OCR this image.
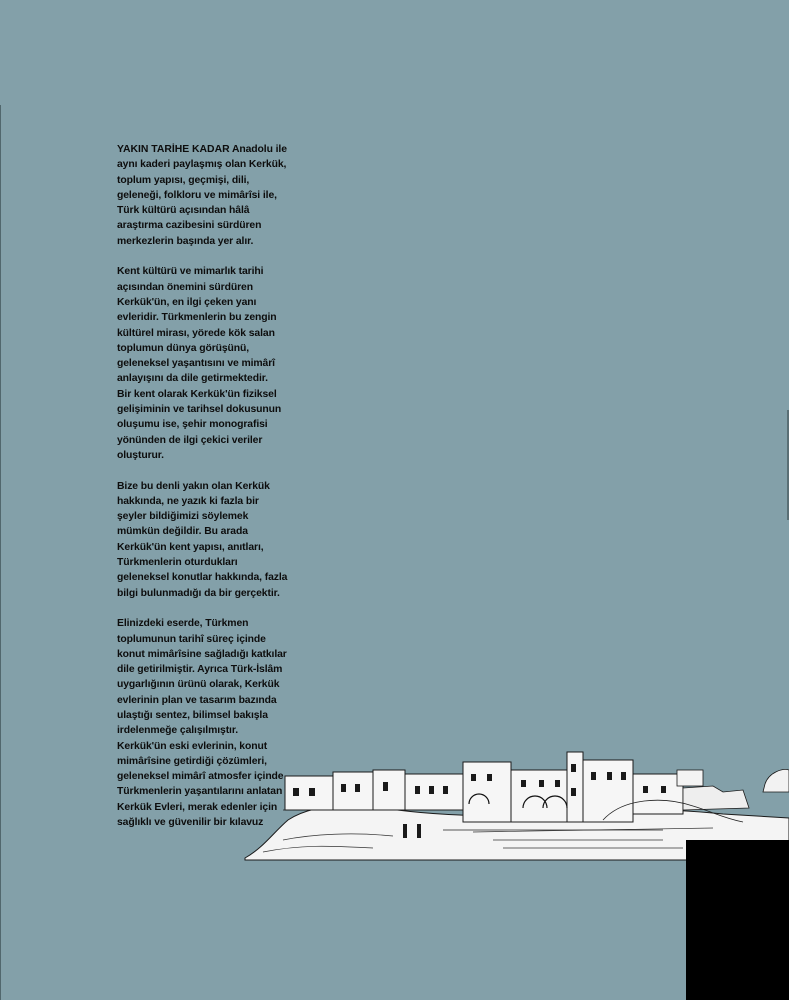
YAKIN TARİHE KADAR Anadolu ile
aynı kaderi paylaşmış olan Kerkük,
toplum yapısı, geçmişi, dili,
geleneği, folkloru ve mimârîsi ile,
Türk kültürü açısından hâlâ
araştırma cazibesini sürdüren
merkezlerin başında yer alır.

Kent kültürü ve mimarlık tarihi
açısından önemini sürdüren
Kerkük'ün, en ilgi çeken yanı
evleridir. Türkmenlerin bu zengin
kültürel mirası, yörede kök salan
toplumun dünya görüşünü,
geleneksel yaşantısını ve mimârî
anlayışını da dile getirmektedir.
Bir kent olarak Kerkük'ün fiziksel
gelişiminin ve tarihsel dokusunun
oluşumu ise, şehir monografisi
yönünden de ilgi çekici veriler
oluşturur.

Bize bu denli yakın olan Kerkük
hakkında, ne yazık ki fazla bir
şeyler bildiğimizi söylemek
mümkün değildir. Bu arada
Kerkük'ün kent yapısı, anıtları,
Türkmenlerin oturdukları
geleneksel konutlar hakkında, fazla
bilgi bulunmadığı da bir gerçektir.

Elinizdeki eserde, Türkmen
toplumunun tarihî süreç içinde
konut mimârîsine sağladığı katkılar
dile getirilmiştir. Ayrıca Türk-İslâm
uygarlığının ürünü olarak, Kerkük
evlerinin plan ve tasarım bazında
ulaştığı sentez, bilimsel bakışla
irdelenmeğe çalışılmıştır.
Kerkük'ün eski evlerinin, konut
mimârîsine getirdiği çözümleri,
geleneksel mimârî atmosfer içinde
Türkmenlerin yaşantılarını anlatan
Kerkük Evleri, merak edenler için
sağlıklı ve güvenilir bir kılavuz
